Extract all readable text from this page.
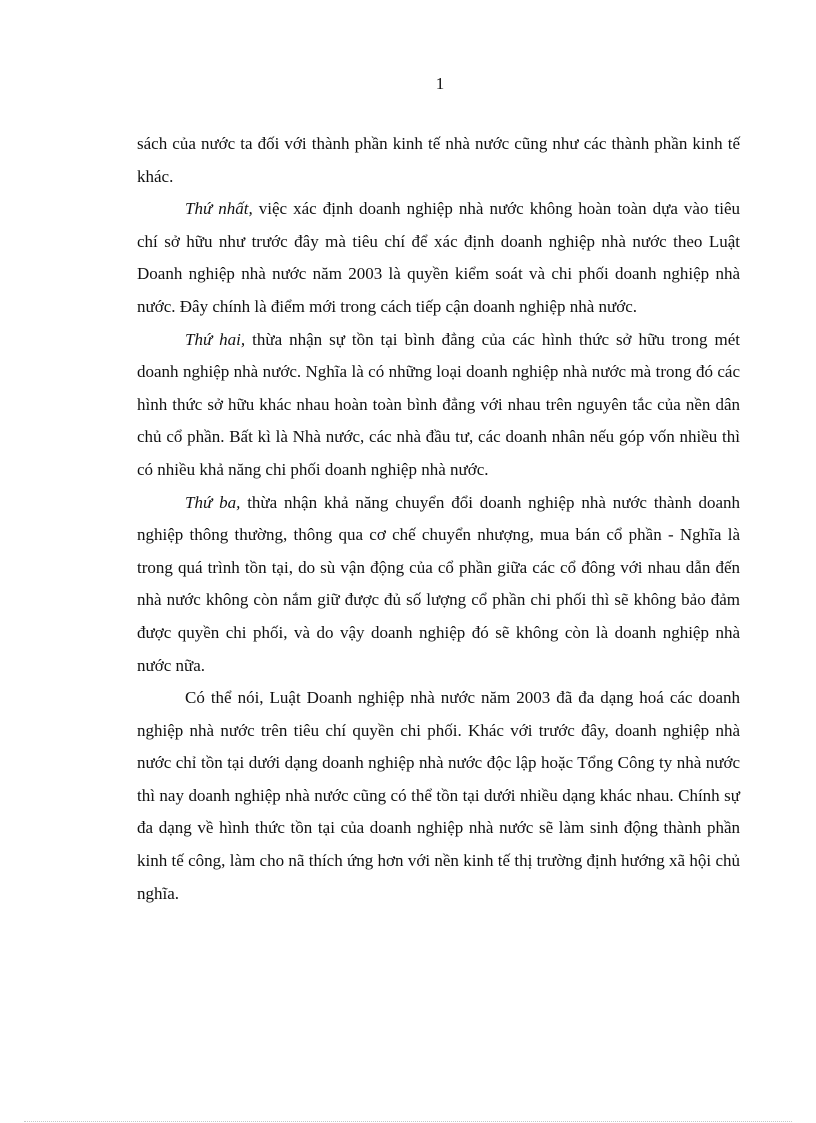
1

sách của nước ta đối với thành phần kinh tế nhà nước cũng như các thành phần kinh tế khác.

Thứ nhất, việc xác định doanh nghiệp nhà nước không hoàn toàn dựa vào tiêu chí sở hữu như trước đây mà tiêu chí để xác định doanh nghiệp nhà nước theo Luật Doanh nghiệp nhà nước năm 2003 là quyền kiểm soát và chi phối doanh nghiệp nhà nước. Đây chính là điểm mới trong cách tiếp cận doanh nghiệp nhà nước.

Thứ hai, thừa nhận sự tồn tại bình đẳng của các hình thức sở hữu trong mét doanh nghiệp nhà nước. Nghĩa là có những loại doanh nghiệp nhà nước mà trong đó các hình thức sở hữu khác nhau hoàn toàn bình đẳng với nhau trên nguyên tắc của nền dân chủ cổ phần. Bất kì là Nhà nước, các nhà đầu tư, các doanh nhân nếu góp vốn nhiều thì có nhiều khả năng chi phối doanh nghiệp nhà nước.

Thứ ba, thừa nhận khả năng chuyển đổi doanh nghiệp nhà nước thành doanh nghiệp thông thường, thông qua cơ chế chuyển nhượng, mua bán cổ phần - Nghĩa là trong quá trình tồn tại, do sù vận động của cổ phần giữa các cổ đông với nhau dẫn đến nhà nước không còn nắm giữ được đủ số lượng cổ phần chi phối thì sẽ không bảo đảm được quyền chi phối, và do vậy doanh nghiệp đó sẽ không còn là doanh nghiệp nhà nước nữa.

Có thể nói, Luật Doanh nghiệp nhà nước năm 2003 đã đa dạng hoá các doanh nghiệp nhà nước trên tiêu chí quyền chi phối. Khác với trước đây, doanh nghiệp nhà nước chỉ tồn tại dưới dạng doanh nghiệp nhà nước độc lập hoặc Tổng Công ty nhà nước thì nay doanh nghiệp nhà nước cũng có thể tồn tại dưới nhiều dạng khác nhau. Chính sự đa dạng về hình thức tồn tại của doanh nghiệp nhà nước sẽ làm sinh động thành phần kinh tế công, làm cho nã thích ứng hơn với nền kinh tế thị trường định hướng xã hội chủ nghĩa.
